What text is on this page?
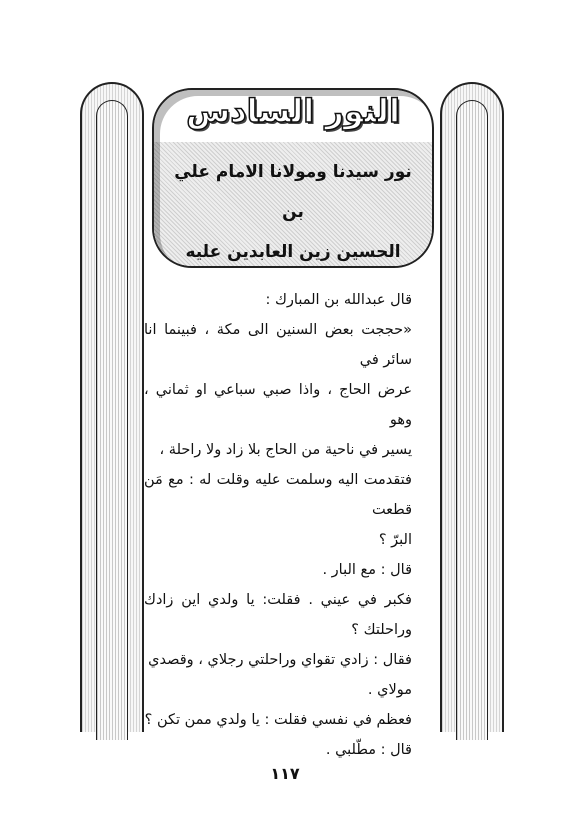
النور السادس
نور سيدنا ومولانا الامام علي بن
الحسين زين العابدين عليه

قال عبدالله بن المبارك :

«حججت بعض السنين الى مكة ، فبينما انا سائر في

عرض الحاج ، واذا صبي سباعي او ثماني ، وهو

يسير في ناحية من الحاج بلا زاد ولا راحلة ،

فتقدمت اليه وسلمت عليه وقلت له : مع مَن قطعت

البرّ ؟

قال : مع البار .

فكبر في عيني . فقلت: يا ولدي اين زادك وراحلتك ؟

فقال : زادي تقواي وراحلتي رجلاي ، وقصدي

مولاي .

فعظم في نفسي فقلت : يا ولدي ممن تكن ؟

قال : مطّلبي .

١١٧
